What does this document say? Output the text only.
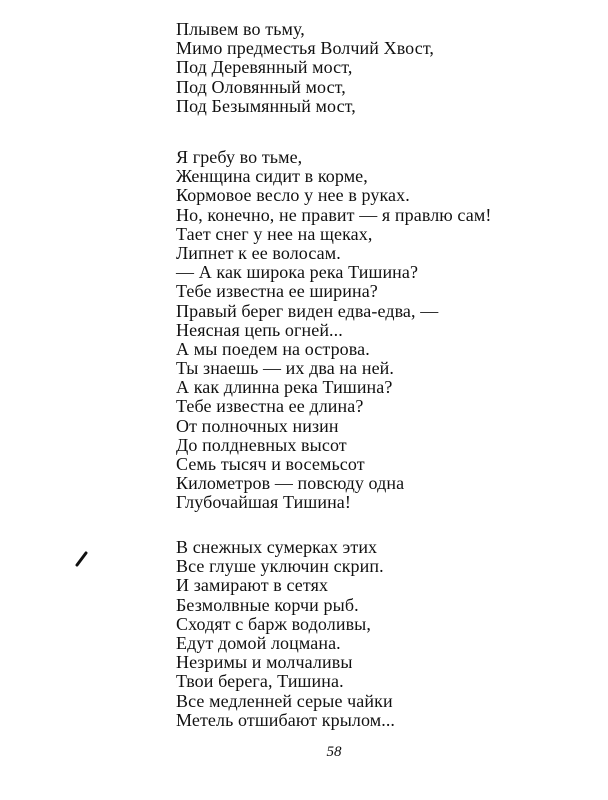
Плывем во тьму,
Мимо предместья Волчий Хвост,
Под Деревянный мост,
Под Оловянный мост,
Под Безымянный мост,
Я гребу во тьме,
Женщина сидит в корме,
Кормовое весло у нее в руках.
Но, конечно, не правит — я правлю сам!
Тает снег у нее на щеках,
Липнет к ее волосам.
— А как широка река Тишина?
Тебе известна ее ширина?
Правый берег виден едва-едва, —
Неясная цепь огней...
А мы поедем на острова.
Ты знаешь — их два на ней.
А как длинна река Тишина?
Тебе известна ее длина?
От полночных низин
До полдневных высот
Семь тысяч и восемьсот
Километров — повсюду одна
Глубочайшая Тишина!
В снежных сумерках этих
Все глуше уключин скрип.
И замирают в сетях
Безмолвные корчи рыб.
Сходят с барж водоливы,
Едут домой лоцмана.
Незримы и молчаливы
Твои берега, Тишина.
Все медленней серые чайки
Метель отшибают крылом...
58
